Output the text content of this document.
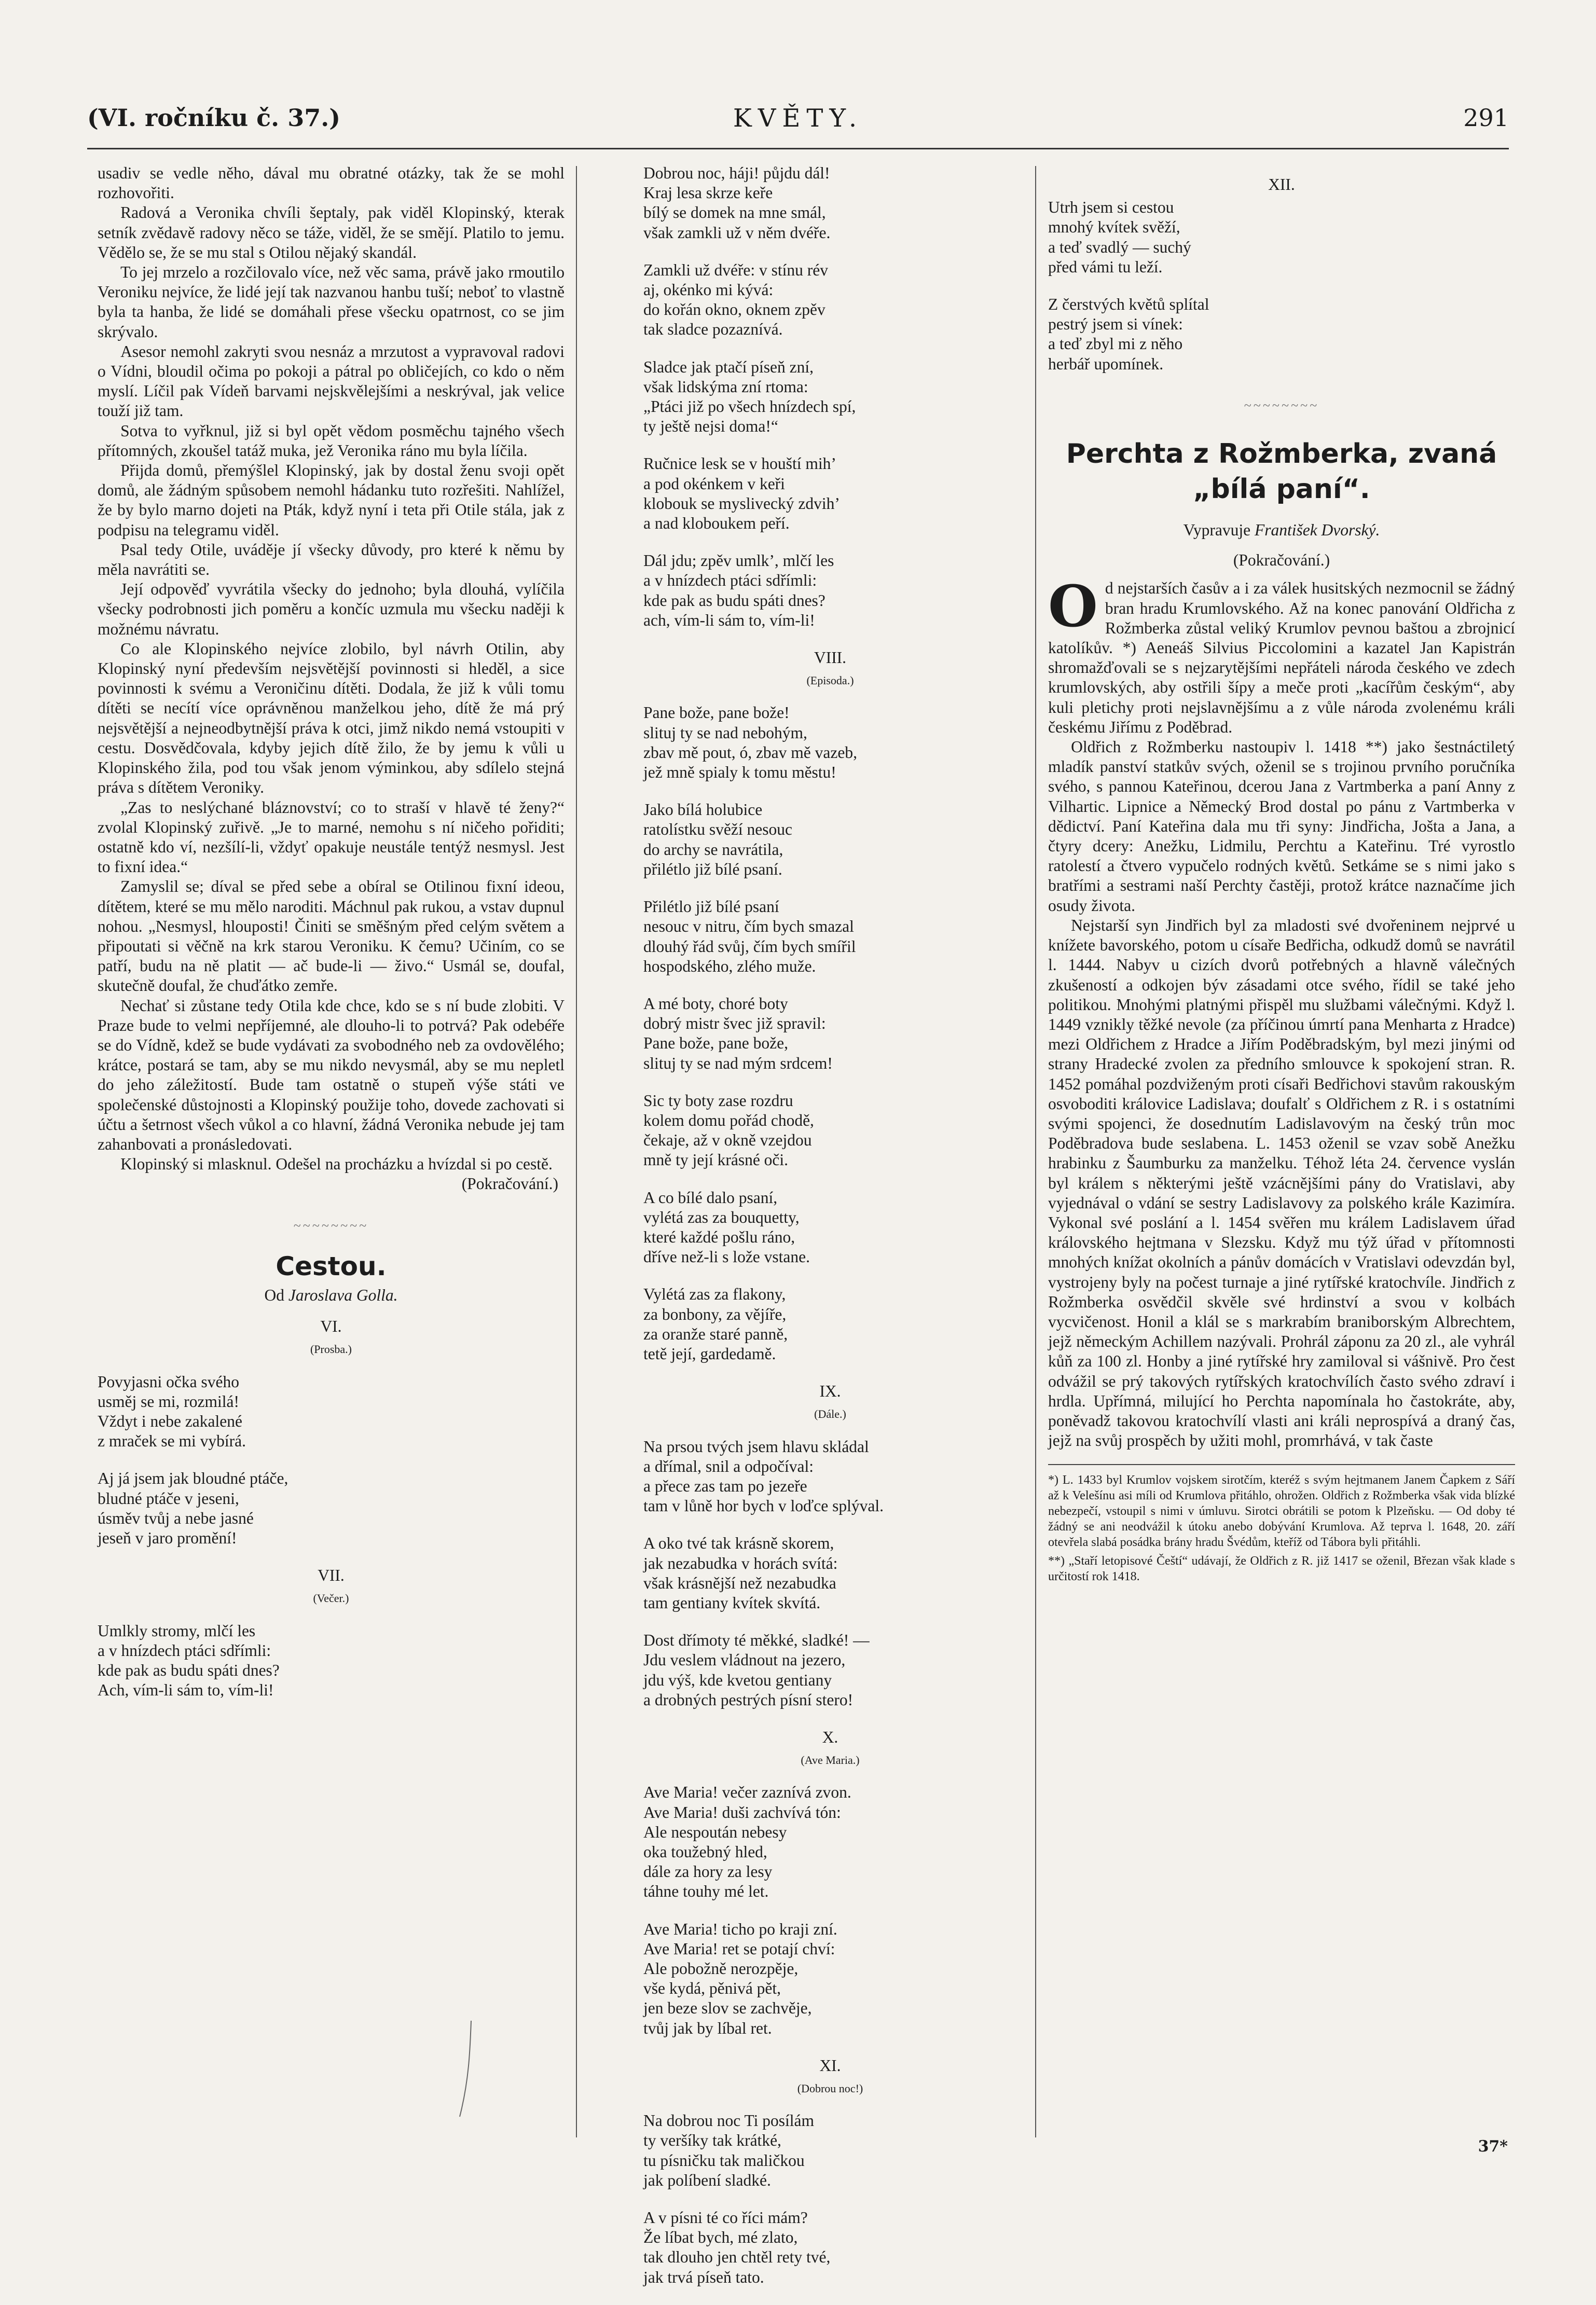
(VI. ročníku č. 37.)	KVĚTY.	291

usadiv se vedle něho, dával mu obratné otázky, tak že se mohl rozhovořiti.

Radová a Veronika chvíli šeptaly, pak viděl Klopinský, kterak setník zvědavě radovy něco se táže, viděl, že se smějí. Platilo to jemu. Vědělo se, že se mu stal s Otilou nějaký skandál.

To jej mrzelo a rozčilovalo více, než věc sama, právě jako rmoutilo Veroniku nejvíce, že lidé její tak nazvanou hanbu tuší; neboť to vlastně byla ta hanba, že lidé se domáhali přese všecku opatrnost, co se jim skrývalo.

Asesor nemohl zakryti svou nesnáz a mrzutost a vypravoval radovi o Vídni, bloudil očima po pokoji a pátral po obličejích, co kdo o něm myslí. Líčil pak Vídeň barvami nejskvělejšími a neskrýval, jak velice touží již tam.

Sotva to vyřknul, již si byl opět vědom posměchu tajného všech přítomných, zkoušel tatáž muka, jež Veronika ráno mu byla líčila.

Přijda domů, přemýšlel Klopinský, jak by dostal ženu svoji opět domů, ale žádným spůsobem nemohl hádanku tuto rozřešiti. Nahlížel, že by bylo marno dojeti na Pták, když nyní i teta při Otile stála, jak z podpisu na telegramu viděl.

Psal tedy Otile, uváděje jí všecky důvody, pro které k němu by měla navrátiti se.

Její odpověď vyvrátila všecky do jednoho; byla dlouhá, vylíčila všecky podrobnosti jich poměru a končíc uzmula mu všecku naději k možnému návratu.

Co ale Klopinského nejvíce zlobilo, byl návrh Otilin, aby Klopinský nyní především nejsvětější povinnosti si hleděl, a sice povinnosti k svému a Veroničinu dítěti. Dodala, že již k vůli tomu dítěti se necítí více oprávněnou manželkou jeho, dítě že má prý nejsvětější a nejneodbytnější práva k otci, jimž nikdo nemá vstoupiti v cestu. Dosvědčovala, kdyby jejich dítě žilo, že by jemu k vůli u Klopinského žila, pod tou však jenom výminkou, aby sdílelo stejná práva s dítětem Veroniky.

„Zas to neslýchané bláznovství; co to straší v hlavě té ženy?“ zvolal Klopinský zuřivě. „Je to marné, nemohu s ní ničeho pořiditi; ostatně kdo ví, nezšílí-li, vždyť opakuje neustále tentýž nesmysl. Jest to fixní idea.“

Zamyslil se; díval se před sebe a obíral se Otilinou fixní ideou, dítětem, které se mu mělo naroditi. Máchnul pak rukou, a vstav dupnul nohou. „Nesmysl, hlouposti! Činiti se směšným před celým světem a připoutati si věčně na krk starou Veroniku. K čemu? Učiním, co se patří, budu na ně platit — ač bude-li — živo.“ Usmál se, doufal, skutečně doufal, že chuďátko zemře.

Nechať si zůstane tedy Otila kde chce, kdo se s ní bude zlobiti. V Praze bude to velmi nepříjemné, ale dlouho-li to potrvá? Pak odebéře se do Vídně, kdež se bude vydávati za svobodného neb za ovdovělého; krátce, postará se tam, aby se mu nikdo nevysmál, aby se mu nepletl do jeho záležitostí. Bude tam ostatně o stupeň výše státi ve společenské důstojnosti a Klopinský použije toho, dovede zachovati si účtu a šetrnost všech vůkol a co hlavní, žádná Veronika nebude jej tam zahanbovati a pronásledovati.

Klopinský si mlasknul. Odešel na procházku a hvízdal si po cestě.

(Pokračování.)

~~~~~~~~
Cestou.
Od Jaroslava Golla.
VI.
(Prosba.)
Povyjasni očka svého
usměj se mi, rozmilá!
Vždyt i nebe zakalené
z mraček se mi vybírá.
Aj já jsem jak bloudné ptáče,
bludné ptáče v jeseni,
úsměv tvůj a nebe jasné
jeseň v jaro promění!
VII.
(Večer.)
Umlkly stromy, mlčí les
a v hnízdech ptáci sdřímli:
kde pak as budu spáti dnes?
Ach, vím-li sám to, vím-li!
Dobrou noc, háji! půjdu dál!
Kraj lesa skrze keře
bílý se domek na mne smál,
však zamkli už v něm dvéře.
Zamkli už dvéře: v stínu rév
aj, okénko mi kývá:
do kořán okno, oknem zpěv
tak sladce pozaznívá.
Sladce jak ptačí píseň zní,
však lidskýma zní rtoma:
„Ptáci již po všech hnízdech spí,
ty ještě nejsi doma!“
Ručnice lesk se v houští mih’
a pod okénkem v keři
klobouk se myslivecký zdvih’
a nad kloboukem peří.
Dál jdu; zpěv umlk’, mlčí les
a v hnízdech ptáci sdřímli:
kde pak as budu spáti dnes?
ach, vím-li sám to, vím-li!
VIII.
(Episoda.)
Pane bože, pane bože!
slituj ty se nad nebohým,
zbav mě pout, ó, zbav mě vazeb,
jež mně spialy k tomu městu!
Jako bílá holubice
ratolístku svěží nesouc
do archy se navrátila,
přilétlo již bílé psaní.
Přilétlo již bílé psaní
nesouc v nitru, čím bych smazal
dlouhý řád svůj, čím bych smířil
hospodského, zlého muže.
A mé boty, choré boty
dobrý mistr švec již spravil:
Pane bože, pane bože,
slituj ty se nad mým srdcem!
Sic ty boty zase rozdru
kolem domu pořád chodě,
čekaje, až v okně vzejdou
mně ty její krásné oči.
A co bílé dalo psaní,
vylétá zas za bouquetty,
které každé pošlu ráno,
dříve než-li s lože vstane.
Vylétá zas za flakony,
za bonbony, za vějíře,
za oranže staré panně,
tetě její, gardedamě.
IX.
(Dále.)
Na prsou tvých jsem hlavu skládal
a dřímal, snil a odpočíval:
a přece zas tam po jezeře
tam v lůně hor bych v loďce splýval.
A oko tvé tak krásně skorem,
jak nezabudka v horách svítá:
však krásnější než nezabudka
tam gentiany kvítek skvítá.
Dost dřímoty té měkké, sladké! —
Jdu veslem vládnout na jezero,
jdu výš, kde kvetou gentiany
a drobných pestrých písní stero!
X.
(Ave Maria.)
Ave Maria! večer zaznívá zvon.
Ave Maria! duši zachvívá tón:
Ale nespoután nebesy
oka toužebný hled,
dále za hory za lesy
táhne touhy mé let.
Ave Maria! ticho po kraji zní.
Ave Maria! ret se potají chví:
Ale pobožně nerozpěje,
vše kydá, pěnivá pět,
jen beze slov se zachvěje,
tvůj jak by líbal ret.
XI.
(Dobrou noc!)
Na dobrou noc Ti posílám
ty veršíky tak krátké,
tu písničku tak maličkou
jak políbení sladké.
A v písni té co říci mám?
Že líbat bych, mé zlato,
tak dlouho jen chtěl rety tvé,
jak trvá píseň tato.
XII.
Utrh jsem si cestou
mnohý kvítek svěží,
a teď svadlý — suchý
před vámi tu leží.
Z čerstvých květů splítal
pestrý jsem si vínek:
a teď zbyl mi z něho
herbář upomínek.
~~~~~~~~
Perchta z Rožmberka, zvaná „bílá paní“.
Vypravuje František Dvorský.
(Pokračování.)

Od nejstarších časův a i za válek husitských nezmocnil se žádný bran hradu Krumlovského. Až na konec panování Oldřicha z Rožmberka zůstal veliký Krumlov pevnou baštou a zbrojnicí katolíkův. *) Aeneáš Silvius Piccolomini a kazatel Jan Kapistrán shromažďovali se s nejzarytějšími nepřáteli národa českého ve zdech krumlovských, aby ostřili šípy a meče proti „kacířům českým“, aby kuli pletichy proti nejslavnějšímu a z vůle národa zvolenému králi českému Jiřímu z Poděbrad.

Oldřich z Rožmberku nastoupiv l. 1418 **) jako šestnáctiletý mladík panství statkův svých, oženil se s trojinou prvního poručníka svého, s pannou Kateřinou, dcerou Jana z Vartmberka a paní Anny z Vilhartic. Lipnice a Německý Brod dostal po pánu z Vartmberka v dědictví. Paní Kateřina dala mu tři syny: Jindřicha, Jošta a Jana, a čtyry dcery: Anežku, Lidmilu, Perchtu a Kateřinu. Tré vyrostlo ratolestí a čtvero vypučelo rodných květů. Setkáme se s nimi jako s bratřími a sestrami naší Perchty častěji, protož krátce naznačíme jich osudy života.

Nejstarší syn Jindřich byl za mladosti své dvořeninem nejprvé u knížete bavorského, potom u císaře Bedřicha, odkudž domů se navrátil l. 1444. Nabyv u cizích dvorů potřebných a hlavně válečných zkušeností a odkojen býv zásadami otce svého, řídil se také jeho politikou. Mnohými platnými přispěl mu službami válečnými. Když l. 1449 vznikly těžké nevole (za příčinou úmrtí pana Menharta z Hradce) mezi Oldřichem z Hradce a Jiřím Poděbradským, byl mezi jinými od strany Hradecké zvolen za předního smlouvce k spokojení stran. R. 1452 pomáhal pozdviženým proti císaři Bedřichovi stavům rakouským osvoboditi královice Ladislava; doufalť s Oldřichem z R. i s ostatními svými spojenci, že dosednutím Ladislavovým na český trůn moc Poděbradova bude seslabena. L. 1453 oženil se vzav sobě Anežku hrabinku z Šaumburku za manželku. Téhož léta 24. července vyslán byl králem s některými ještě vzácnějšími pány do Vratislavi, aby vyjednával o vdání se sestry Ladislavovy za polského krále Kazimíra. Vykonal své poslání a l. 1454 svěřen mu králem Ladislavem úřad královského hejtmana v Slezsku. Když mu týž úřad v přítomnosti mnohých knížat okolních a pánův domácích v Vratislavi odevzdán byl, vystrojeny byly na počest turnaje a jiné rytířské kratochvíle. Jindřich z Rožmberka osvědčil skvěle své hrdinství a svou v kolbách vycvičenost. Honil a klál se s markrabím braniborským Albrechtem, jejž německým Achillem nazývali. Prohrál záponu za 20 zl., ale vyhrál kůň za 100 zl. Honby a jiné rytířské hry zamiloval si vášnivě. Pro čest odvážil se prý takových rytířských kratochvílích často svého zdraví i hrdla. Upřímná, milující ho Perchta napomínala ho častokráte, aby, poněvadž takovou kratochvílí vlasti ani králi neprospívá a draný čas, jejž na svůj prospěch by užiti mohl, promrhává, v tak časte

*) L. 1433 byl Krumlov vojskem sirotčím, kteréž s svým hejtmanem Janem Čapkem z Sáří až k Velešínu asi míli od Krumlova přitáhlo, ohrožen. Oldřich z Rožmberka však vida blízké nebezpečí, vstoupil s nimi v úmluvu. Sirotci obrátili se potom k Plzeňsku. — Od doby té žádný se ani neodvážil k útoku anebo dobývání Krumlova. Až teprva l. 1648, 20. září otevřela slabá posádka brány hradu Švédům, kteříž od Tábora byli přitáhli.

**) „Staří letopisové Čeští“ udávají, že Oldřich z R. již 1417 se oženil, Březan však klade s určitostí rok 1418.

37*
